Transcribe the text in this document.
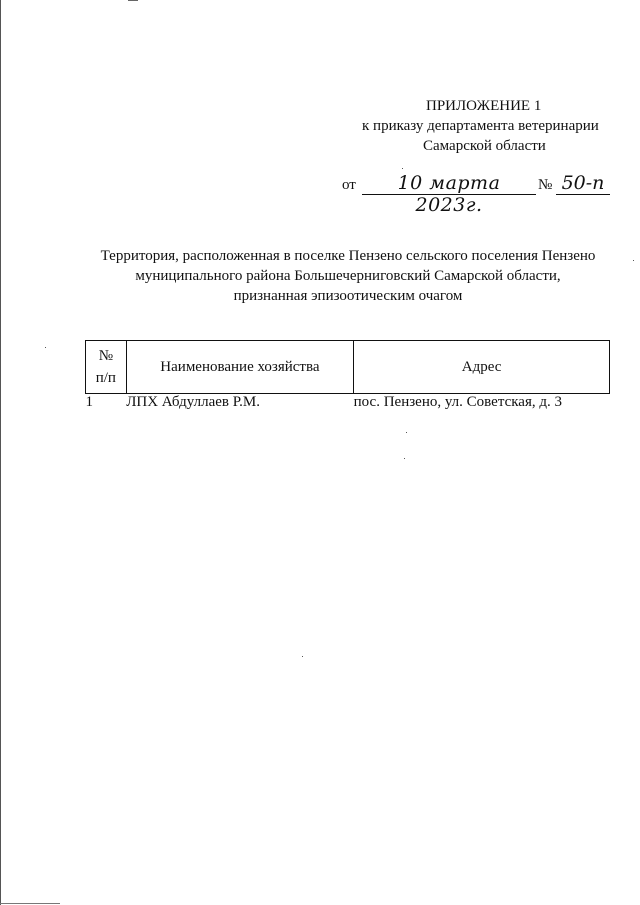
ПРИЛОЖЕНИЕ 1
к приказу департамента ветеринарии
Самарской области
от	10 марта 2023г.
№ 50-п
Территория, расположенная в поселке Пензено сельского поселения Пензено
муниципального района Большечерниговский Самарской области,
признанная эпизоотическим очагом
№
п/п	Наименование хозяйства	Адрес
1	ЛПХ Абдуллаев Р.М.	пос. Пензено, ул. Советская, д. 3
